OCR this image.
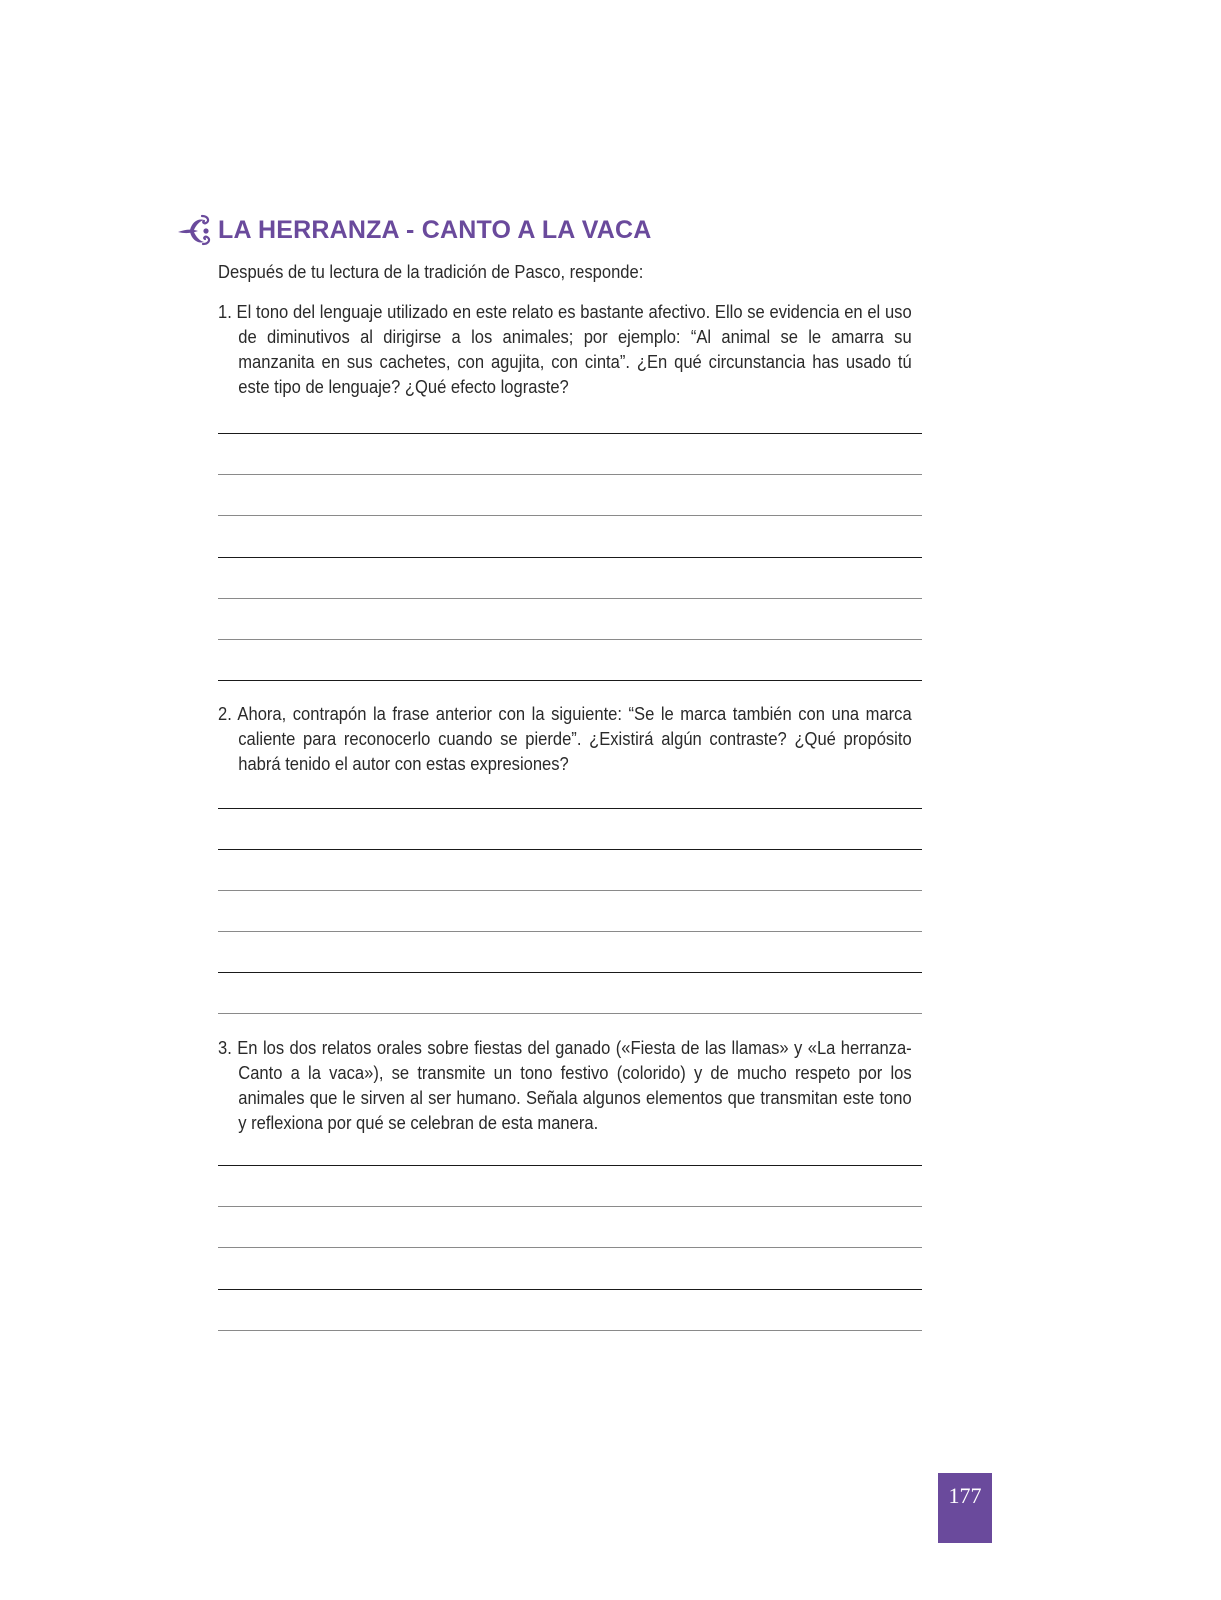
LA HERRANZA - CANTO A LA VACA
Después de tu lectura de la tradición de Pasco, responde:
1. El tono del lenguaje utilizado en este relato es bastante afectivo. Ello se evidencia en el uso de diminutivos al dirigirse a los animales; por ejemplo: “Al animal se le amarra su manzanita en sus cachetes, con agujita, con cinta”. ¿En qué circunstancia has usado tú este tipo de lenguaje? ¿Qué efecto lograste?
2. Ahora, contrapón la frase anterior con la siguiente: “Se le marca también con una marca caliente para reconocerlo cuando se pierde”. ¿Existirá algún contraste? ¿Qué propósito habrá tenido el autor con estas expresiones?
3. En los dos relatos orales sobre fiestas del ganado («Fiesta de las llamas» y «La herranza-Canto a la vaca»), se transmite un tono festivo (colorido) y de mucho respeto por los animales que le sirven al ser humano. Señala algunos elementos que transmitan este tono y reflexiona por qué se celebran de esta manera.
177
